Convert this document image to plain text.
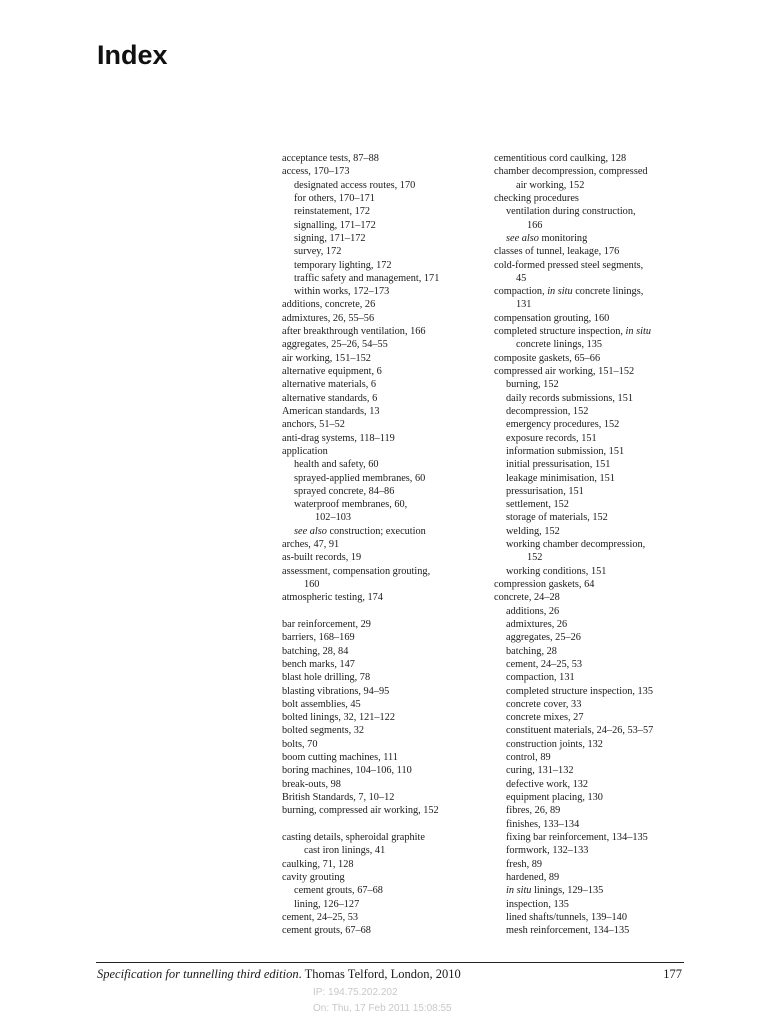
Index
acceptance tests, 87–88
access, 170–173
designated access routes, 170
for others, 170–171
reinstatement, 172
signalling, 171–172
signing, 171–172
survey, 172
temporary lighting, 172
traffic safety and management, 171
within works, 172–173
additions, concrete, 26
admixtures, 26, 55–56
after breakthrough ventilation, 166
aggregates, 25–26, 54–55
air working, 151–152
alternative equipment, 6
alternative materials, 6
alternative standards, 6
American standards, 13
anchors, 51–52
anti-drag systems, 118–119
application
health and safety, 60
sprayed-applied membranes, 60
sprayed concrete, 84–86
waterproof membranes, 60,
102–103
see also construction; execution
arches, 47, 91
as-built records, 19
assessment, compensation grouting,
160
atmospheric testing, 174
bar reinforcement, 29
barriers, 168–169
batching, 28, 84
bench marks, 147
blast hole drilling, 78
blasting vibrations, 94–95
bolt assemblies, 45
bolted linings, 32, 121–122
bolted segments, 32
bolts, 70
boom cutting machines, 111
boring machines, 104–106, 110
break-outs, 98
British Standards, 7, 10–12
burning, compressed air working, 152
casting details, spheroidal graphite
cast iron linings, 41
caulking, 71, 128
cavity grouting
cement grouts, 67–68
lining, 126–127
cement, 24–25, 53
cement grouts, 67–68
cementitious cord caulking, 128
chamber decompression, compressed
air working, 152
checking procedures
ventilation during construction,
166
see also monitoring
classes of tunnel, leakage, 176
cold-formed pressed steel segments,
45
compaction, in situ concrete linings,
131
compensation grouting, 160
completed structure inspection, in situ
concrete linings, 135
composite gaskets, 65–66
compressed air working, 151–152
burning, 152
daily records submissions, 151
decompression, 152
emergency procedures, 152
exposure records, 151
information submission, 151
initial pressurisation, 151
leakage minimisation, 151
pressurisation, 151
settlement, 152
storage of materials, 152
welding, 152
working chamber decompression,
152
working conditions, 151
compression gaskets, 64
concrete, 24–28
additions, 26
admixtures, 26
aggregates, 25–26
batching, 28
cement, 24–25, 53
compaction, 131
completed structure inspection, 135
concrete cover, 33
concrete mixes, 27
constituent materials, 24–26, 53–57
construction joints, 132
control, 89
curing, 131–132
defective work, 132
equipment placing, 130
fibres, 26, 89
finishes, 133–134
fixing bar reinforcement, 134–135
formwork, 132–133
fresh, 89
hardened, 89
in situ linings, 129–135
inspection, 135
lined shafts/tunnels, 139–140
mesh reinforcement, 134–135
Specification for tunnelling third edition. Thomas Telford, London, 2010	177
IP: 194.75.202.202
On: Thu, 17 Feb 2011 15:08:55
